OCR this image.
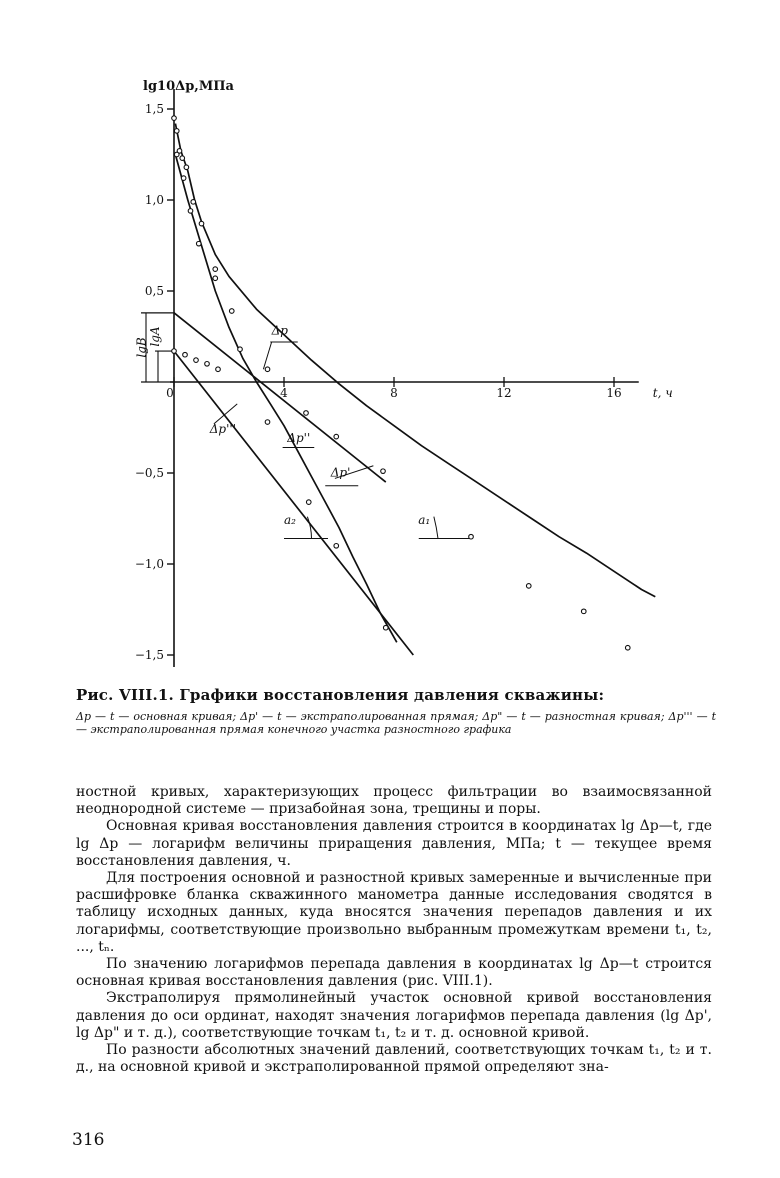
1,5
1,0
0,5
−0,5
−1,0
−1,5
0	4	8	12	16
lg10Δp,МПа
t, ч
Δp
Δp'
Δp''
Δp'''
lgB
lgA
a₁
a₂
Рис. VIII.1. Графики восстановления давления скважины:
Δp — t — основная кривая; Δp' — t — экстраполированная прямая; Δp" — t — разностная кривая; Δp''' — t — экстраполированная прямая конечного участка разностного графика

ностной кривых, характеризующих процесс фильтрации во взаимосвязанной неоднородной системе — призабойная зона, трещины и поры.

Основная кривая восстановления давления строится в координатах lg Δp—t, где lg Δp — логарифм величины приращения давления, МПа; t — текущее время восстановления давления, ч.

Для построения основной и разностной кривых замеренные и вычисленные при расшифровке бланка скважинного манометра данные исследования сводятся в таблицу исходных данных, куда вносятся значения перепадов давления и их логарифмы, соответствующие произвольно выбранным промежуткам времени t₁, t₂, ..., tₙ.

По значению логарифмов перепада давления в координатах lg Δp—t строится основная кривая восстановления давления (рис. VIII.1).

Экстраполируя прямолинейный участок основной кривой восстановления давления до оси ординат, находят значения логарифмов перепада давления (lg Δp', lg Δp" и т. д.), соответствующие точкам t₁, t₂ и т. д. основной кривой.

По разности абсолютных значений давлений, соответствующих точкам t₁, t₂ и т. д., на основной кривой и экстраполированной прямой определяют зна-

316
